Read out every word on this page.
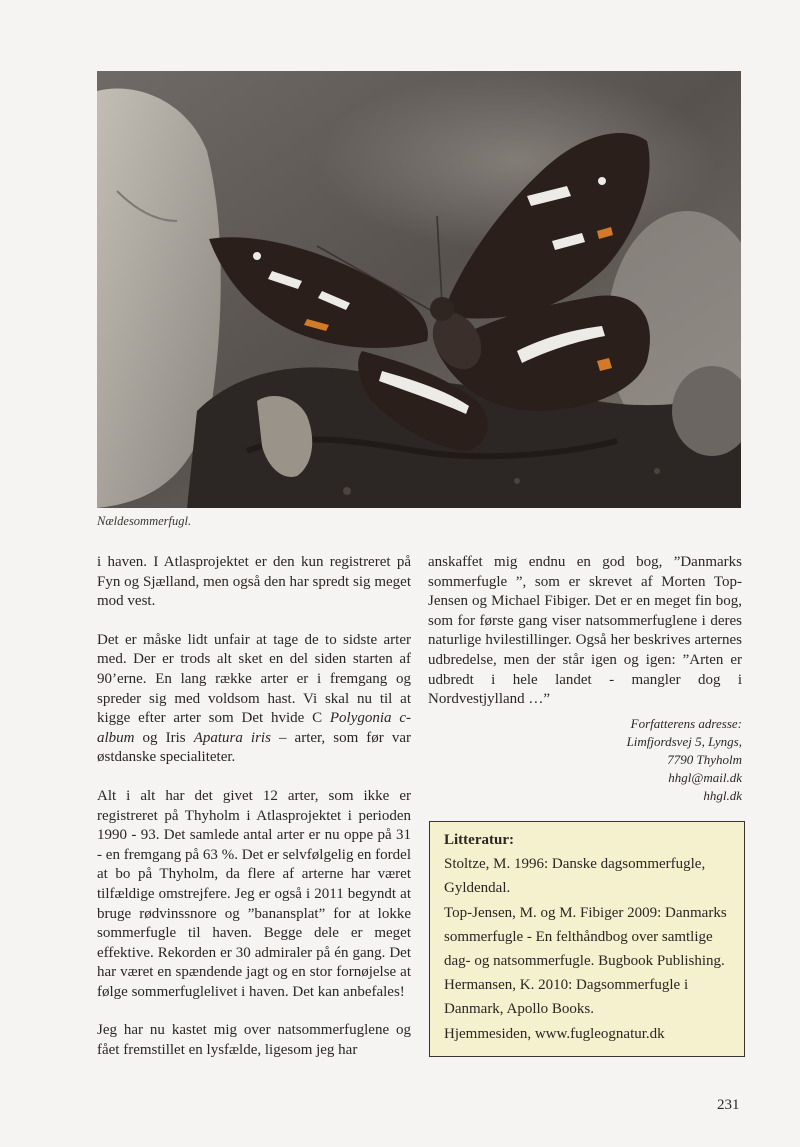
Nældesommerfugl.

i haven. I Atlasprojektet er den kun registreret på Fyn og Sjælland, men også den har spredt sig meget mod vest.

Det er måske lidt unfair at tage de to sidste arter med. Der er trods alt sket en del siden starten af 90’erne. En lang række arter er i fremgang og spreder sig med voldsom hast. Vi skal nu til at kigge efter arter som Det hvide C Polygonia c-album og Iris Apatura iris – arter, som før var østdanske specialiteter.

Alt i alt har det givet 12 arter, som ikke er registreret på Thyholm i Atlasprojektet i perioden 1990 - 93. Det samlede antal arter er nu oppe på 31 - en fremgang på 63 %. Det er selvfølgelig en fordel at bo på Thyholm, da flere af arterne har været tilfældige omstrejfere. Jeg er også i 2011 begyndt at bruge rødvinssnore og ”banansplat” for at lokke sommerfugle til haven. Begge dele er meget effektive. Rekorden er 30 admiraler på én gang. Det har været en spændende jagt og en stor fornøjelse at følge sommerfuglelivet i haven. Det kan anbefales!

Jeg har nu kastet mig over natsommerfuglene og fået fremstillet en lysfælde, ligesom jeg har

anskaffet mig endnu en god bog, ”Danmarks sommerfugle ”, som er skrevet af Morten Top-Jensen og Michael Fibiger. Det er en meget fin bog, som for første gang viser natsommerfuglene i deres naturlige hvilestillinger. Også her beskrives arternes udbredelse, men der står igen og igen: ”Arten er udbredt i hele landet - mangler dog i Nordvestjylland …”

Forfatterens adresse:
Limfjordsvej 5, Lyngs,
7790 Thyholm
hhgl@mail.dk
hhgl.dk
Litteratur:

Stoltze, M. 1996: Danske dagsommerfugle, Gyldendal.

Top-Jensen, M. og M. Fibiger 2009: Danmarks sommerfugle - En felthåndbog over samtlige dag- og natsommerfugle. Bugbook Publishing.

Hermansen, K. 2010: Dagsommerfugle i Danmark, Apollo Books.

Hjemmesiden, www.fugleognatur.dk

231
